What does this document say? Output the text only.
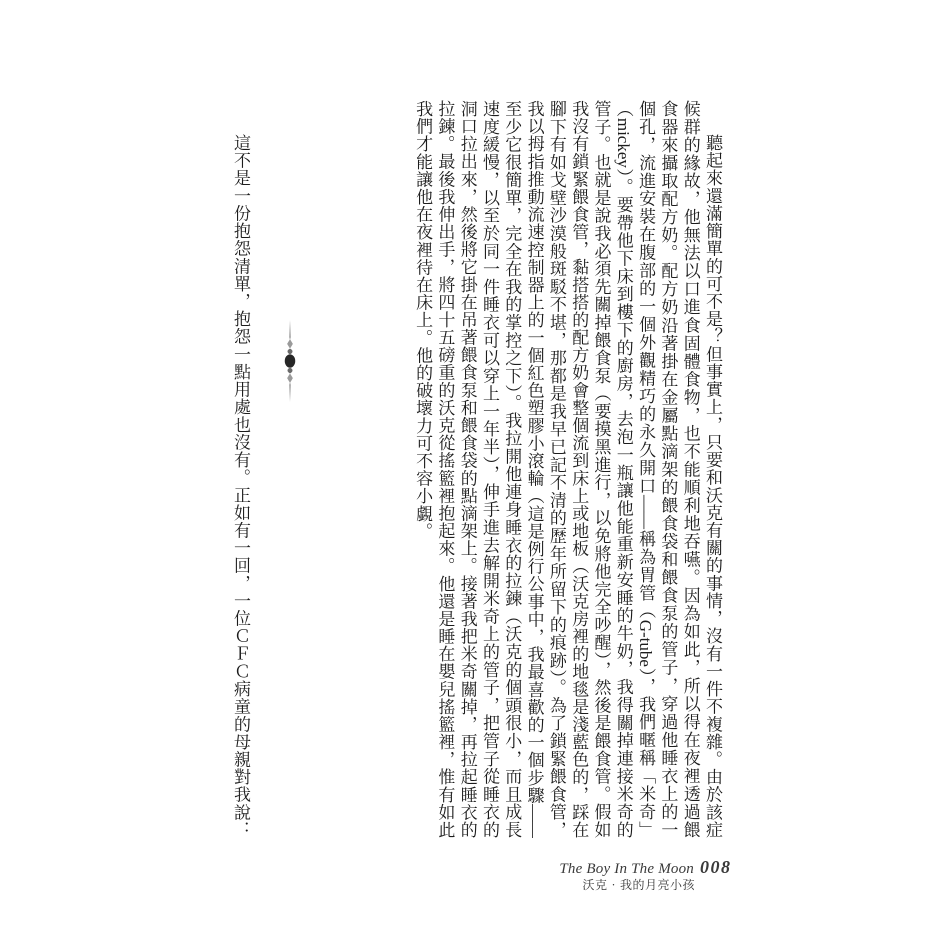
聽起來還滿簡單的可不是？但事實上，只要和沃克有關的事情，沒有一件不複雜。由於該症
候群的緣故，他無法以口進食固體食物，也不能順利地吞嚥。因為如此，所以得在夜裡透過餵
食器來攝取配方奶。配方奶沿著掛在金屬點滴架的餵食袋和餵食泵的管子，穿過他睡衣上的一
個孔，流進安裝在腹部的一個外觀精巧的永久開口——稱為胃管（G-tube），我們暱稱「米奇」
（mickey）。要帶他下床到樓下的廚房，去泡一瓶讓他能重新安睡的牛奶，我得關掉連接米奇的
管子。也就是說我必須先關掉餵食泵（要摸黑進行，以免將他完全吵醒），然後是餵食管。假如
我沒有鎖緊餵食管，黏搭搭的配方奶會整個流到床上或地板（沃克房裡的地毯是淺藍色的，踩在
腳下有如戈壁沙漠般斑駁不堪，那都是我早已記不清的歷年所留下的痕跡）。為了鎖緊餵食管，
我以拇指推動流速控制器上的一個紅色塑膠小滾輪（這是例行公事中，我最喜歡的一個步驟——
至少它很簡單，完全在我的掌控之下）。我拉開他連身睡衣的拉鍊（沃克的個頭很小，而且成長
速度緩慢，以至於同一件睡衣可以穿上一年半），伸手進去解開米奇上的管子，把管子從睡衣的
洞口拉出來，然後將它掛在吊著餵食泵和餵食袋的點滴架上。接著我把米奇關掉，再拉起睡衣的
拉鍊。最後我伸出手，將四十五磅重的沃克從搖籃裡抱起來。他還是睡在嬰兒搖籃裡，惟有如此
我們才能讓他在夜裡待在床上。他的破壞力可不容小覷。
這不是一份抱怨清單，抱怨一點用處也沒有。正如有一回，一位ＣＦＣ病童的母親對我說：
The Boy In The Moon 008
沃克‧我的月亮小孩
